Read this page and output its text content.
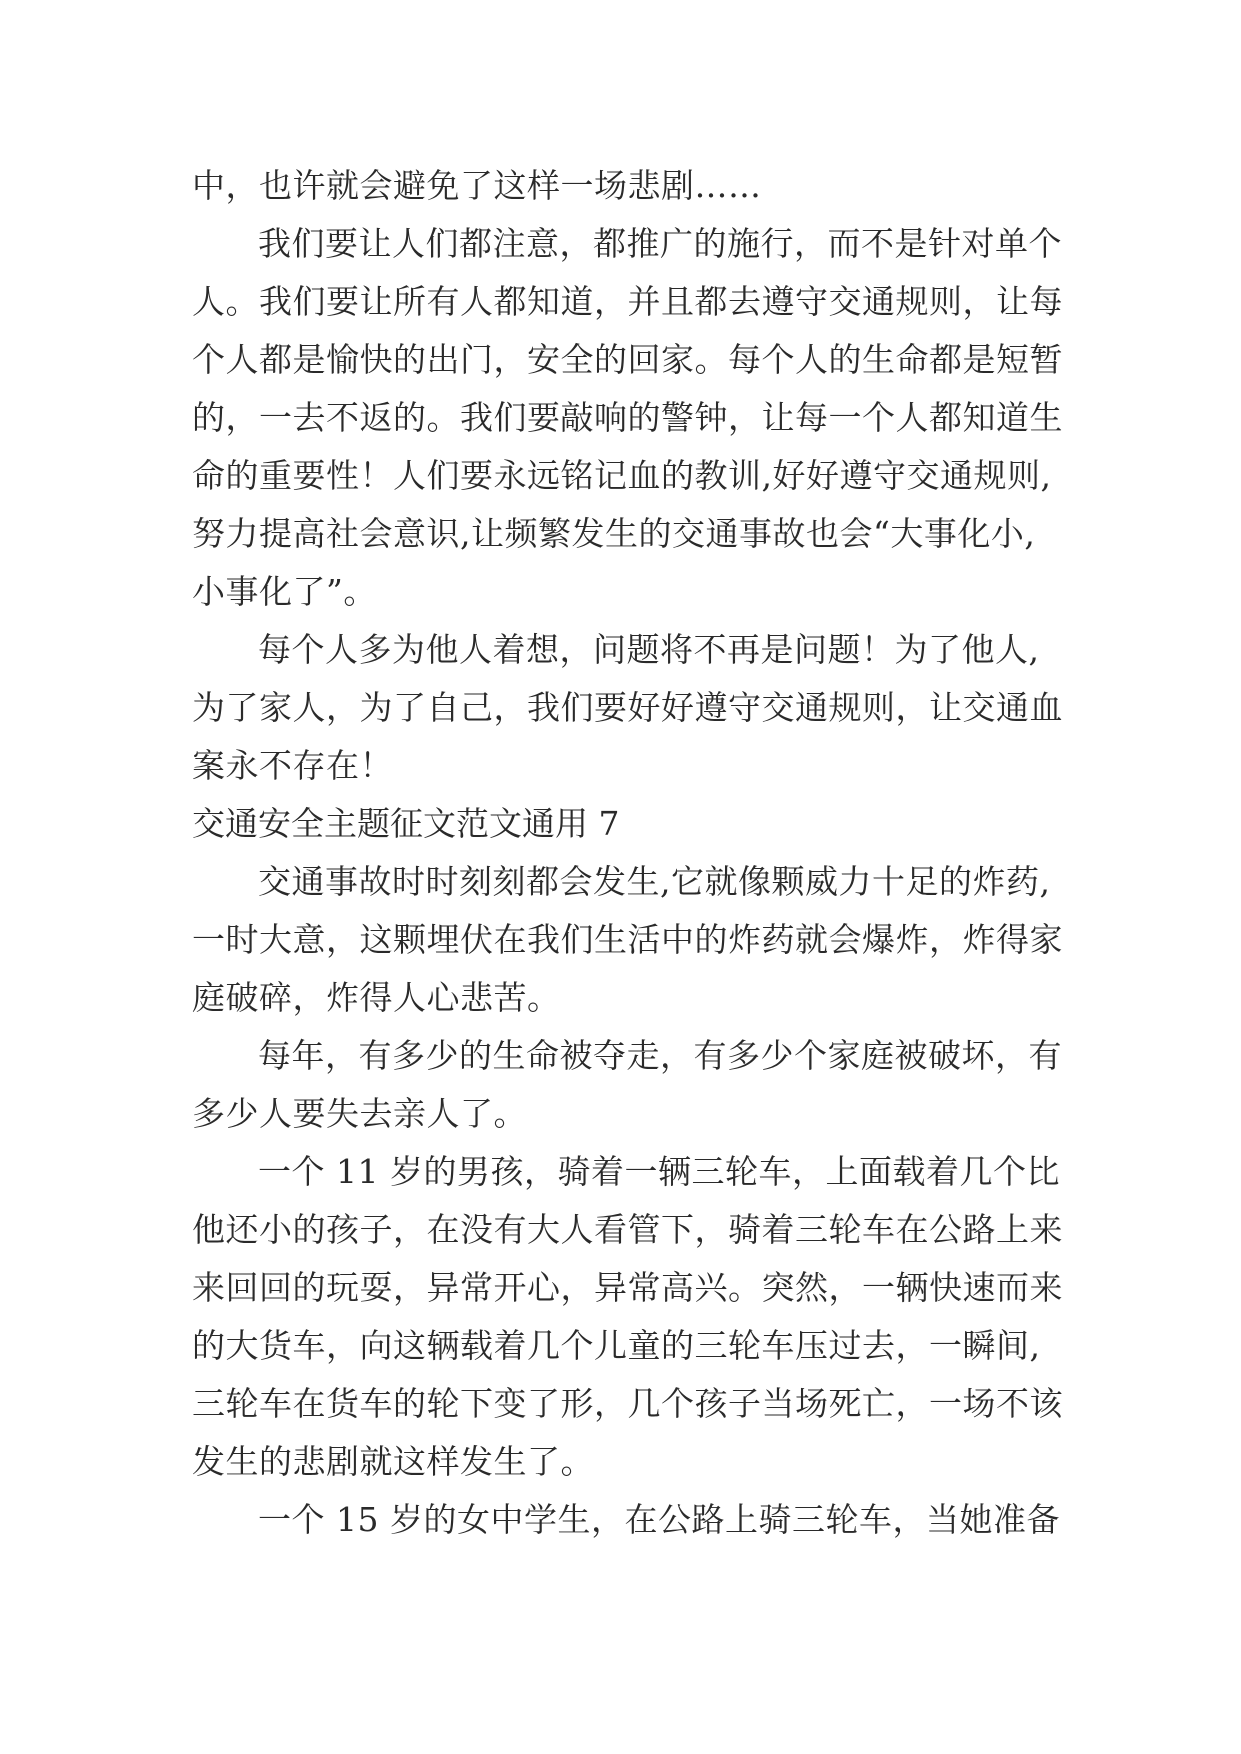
中，也许就会避免了这样一场悲剧……

我们要让人们都注意，都推广的施行，而不是针对单个

人。我们要让所有人都知道，并且都去遵守交通规则，让每

个人都是愉快的出门，安全的回家。每个人的生命都是短暂

的，一去不返的。我们要敲响的警钟，让每一个人都知道生

命的重要性！人们要永远铭记血的教训,好好遵守交通规则,

努力提高社会意识,让频繁发生的交通事故也会“大事化小,

小事化了”。

每个人多为他人着想，问题将不再是问题！为了他人,

为了家人，为了自己，我们要好好遵守交通规则，让交通血

案永不存在！

交通安全主题征文范文通用 7

交通事故时时刻刻都会发生,它就像颗威力十足的炸药,

一时大意，这颗埋伏在我们生活中的炸药就会爆炸，炸得家

庭破碎，炸得人心悲苦。

每年，有多少的生命被夺走，有多少个家庭被破坏，有

多少人要失去亲人了。

一个 11 岁的男孩，骑着一辆三轮车，上面载着几个比

他还小的孩子，在没有大人看管下，骑着三轮车在公路上来

来回回的玩耍，异常开心，异常高兴。突然，一辆快速而来

的大货车，向这辆载着几个儿童的三轮车压过去，一瞬间,

三轮车在货车的轮下变了形，几个孩子当场死亡，一场不该

发生的悲剧就这样发生了。

一个 15 岁的女中学生，在公路上骑三轮车，当她准备
